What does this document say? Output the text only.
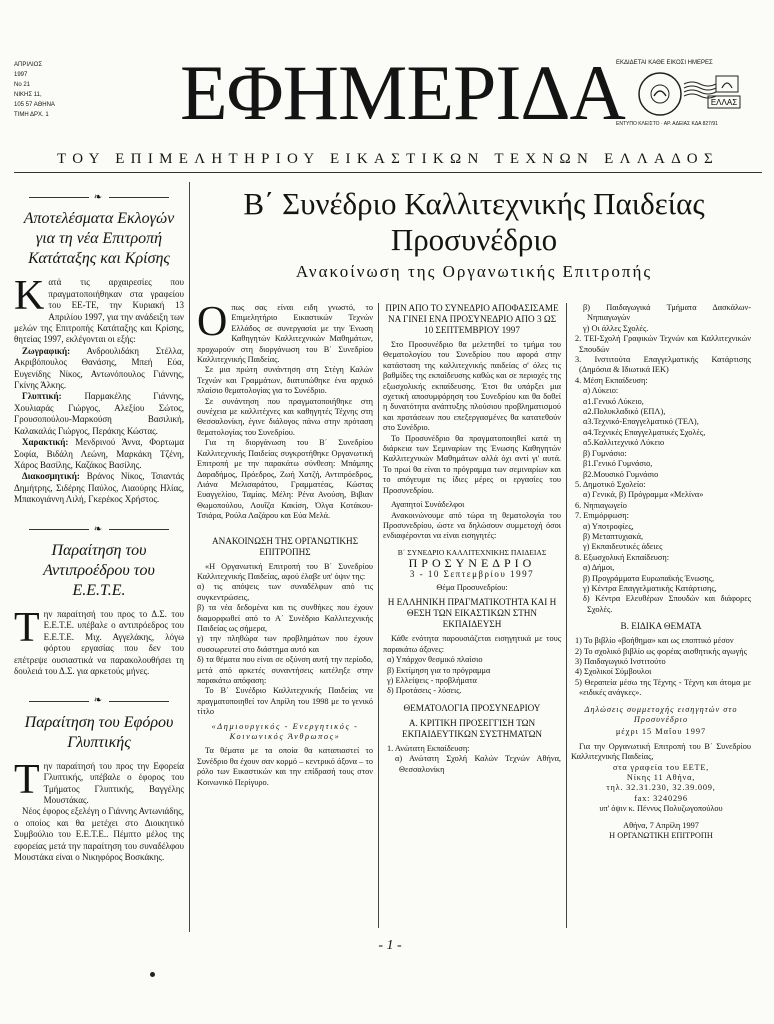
ΑΠΡΙΛΙΟΣ
1997
Νο 21
ΝΙΚΗΣ 11,
105 57 ΑΘΗΝΑ
ΤΙΜΗ ΔΡΧ. 1 ΕΦΗΜΕΡΙΔΑ
ΕΚΔΙΔΕΤΑΙ ΚΑΘΕ ΕΙΚΟΣΙ ΗΜΕΡΕΣ
ΕΛΛΑΣ
ΕΝΤΥΠΟ ΚΛΕΙΣΤΟ · ΑΡ. ΑΔΕΙΑΣ ΚΔΑ 827/91
ΤΟΥ ΕΠΙΜΕΛΗΤΗΡΙΟΥ ΕΙΚΑΣΤΙΚΩΝ ΤΕΧΝΩΝ ΕΛΛΑΔΟΣ
❧
Αποτελέσματα Εκλογών για τη νέα Επιτροπή Κατάταξης και Κρίσης
Κατά τις αρχαιρεσίες που πραγματοποιήθηκαν στα γραφείου του ΕΕ-ΤΕ, την Κυριακή 13 Απριλίου 1997, για την ανάδειξη των μελών της Επιτροπής Κατάταξης και Κρίσης, θητείας 1997, εκλέγονται οι εξής:

Ζωγραφική: Ανδρουλιδάκη Στέλλα, Ακριβόπουλος Θανάσης, Μπεή Εύα, Ευγενίδης Νίκος, Αντωνόπουλος Γιάννης, Γκίνης Άλκης.

Γλυπτική:	Παρμακέλης Γιάννης, Χουλιαράς Γιώργος, Αλεξίου Σώτος, Γρουσοπούλου-Μαρκούση Βασιλική, Καλακαλάς Γιώργος, Περάκης Κώστας.

Χαρακτική: Μενδρινού Άννα, Φορτωμα Σοφία, Βιδάλη Λεώνη, Μαρκάκη Τζένη, Χάρος Βασίλης, Καζάκος Βασίλης.

Διακοσμητική: Βράνος Νίκος, Τσιαντάς Δημήτρης, Σιδέρης Παύλος, Λιαούρης Ηλίας, Μπακογιάννη Λιλή, Γκερέκος Χρήστος.

❧
Παραίτηση του Αντιπροέδρου του Ε.Ε.Τ.Ε.
Την παραίτησή του προς το Δ.Σ. του Ε.Ε.Τ.Ε. υπέβαλε ο αντιπρόεδρος του Ε.Ε.Τ.Ε. Μιχ. Αγγελάκης, λόγω φόρτου εργασίας που δεν του επέτρεψε ουσιαστικά να παρακολουθήσει τη δουλειά του Δ.Σ. για αρκετούς μήνες.
❧
Παραίτηση του Εφόρου Γλυπτικής
Την παραίτησή του προς την Εφορεία Γλυπτικής, υπέβαλε ο έφορος του Τμήματος Γλυπτικής, Βαγγέλης Μουστάκας.

Νέος έφορος εξελέγη ο Γιάννης Αντωνιάδης, ο οποίος και θα μετέχει στο Διοικητικό Συμβούλιο του Ε.Ε.Τ.Ε.. Πέμπτο μέλος της εφορείας μετά την παραίτηση του συναδέλφου Μουστάκα είναι ο Νικηφόρος Βοσκάκης.

Β΄ Συνέδριο Καλλιτεχνικής Παιδείας
Προσυνέδριο
Ανακοίνωση της Οργανωτικής Επιτροπής

Οπως σας είναι ειδη γνωστό, το Επιμελητήριο Εικαστικών Τεχνών Ελλάδος σε συνεργασία με την Ένωση Καθηγητών Καλλιτεχνικών Μαθημάτων, προχωρούν στη διοργάνωση του Β΄ Συνεδρίου Καλλιτεχνικής Παιδείας.

Σε μια πρώτη συνάντηση στη Στέγη Καλών Τεχνών και Γραμμάτων, διατυπώθηκε ένα αρχικό πλαίσιο θεματολογίας για το Συνέδριο.

Σε συνάντηση που πραγματοποιήθηκε στη συνέχεια με καλλιτέχνες και καθηγητές Τέχνης στη Θεσσαλονίκη, έγινε διάλογος πάνω στην πρόταση θεματολογίας του Συνεδρίου.

Για τη διοργάνωση του Β΄ Συνεδρίου Καλλιτεχνικής Παιδείας συγκροτήθηκε Οργανωτική Επιτροπή με την παρακάτω σύνθεση: Μπάμπης Δαραδήμος, Πρόεδρος, Ζωή Χατζή, Αντιπρόεδρος, Λιάνα Μελισαράτου, Γραμματέας, Κώστας Ευαγγελίου, Ταμίας. Μέλη: Ρένα Ανούση, Βιβιαν Θωμοπούλου, Λουΐζα Κακίση, Όλγα Κοτάκου-Τσιάρα, Ρούλα Λαζάρου και Εύα Μελά.

ΑΝΑΚΟΙΝΩΣΗ ΤΗΣ ΟΡΓΑΝΩΤΙΚΗΣ ΕΠΙΤΡΟΠΗΣ

«Η Οργανωτική Επιτροπή του Β΄ Συνεδρίου Καλλιτεχνικής Παιδείας, αφού έλαβε υπ' όψιν της:

α) τις απόψεις των συναδέλφων από τις συγκεντρώσεις,

β) τα νέα δεδομένα και τις συνθήκες που έχουν διαμορφωθεί από το Α΄ Συνέδριο Καλλιτεχνικής Παιδείας ως σήμερα,

γ) την πληθώρα των προβλημάτων που έχουν συσσωρευτεί στο διάστημα αυτό και

δ) τα θέματα που είναι σε οξύνση αυτή την περίοδο, μετά από αρκετές συναντήσεις κατέληξε στην παρακάτω απόφαση:

Το Β΄ Συνέδριο Καλλιτεχνικής Παιδείας να πραγματοποιηθεί τον Απρίλη του 1998 με το γενικό τίτλο

«Δημιουργικός - Ενεργητικός - Κοινωνικός Άνθρωπος»

Τα θέματα με τα οποία θα καταπιαστεί το Συνέδριο θα έχουν σαν κορμό – κεντρικό άξονα – το ρόλο των Εικαστικών και την επίδρασή τους στον Κοινωνικό Περίγυρο.

ΠΡΙΝ ΑΠΟ ΤΟ ΣΥΝΕΔΡΙΟ ΑΠΟΦΑΣΙΣΑΜΕ ΝΑ ΓΙΝΕΙ ΕΝΑ ΠΡΟΣΥΝΕΔΡΙΟ ΑΠΟ 3 ΩΣ 10 ΣΕΠΤΕΜΒΡΙΟΥ 1997

Στο Προσυνέδριο θα μελετηθεί το τμήμα του Θεματολογίου του Συνεδρίου που αφορά στην κατάσταση της καλλιτεχνικής παιδείας σ' όλες τις βαθμίδες της εκπαίδευσης καθώς και σε περιοχές της εξωσχολικής εκπαίδευσης. Έτσι θα υπάρξει μια σχετική αποσυμφόρηση του Συνεδρίου και θα δοθεί η δυνατότητα ανάπτυξης πλούσιου προβληματισμού και προτάσεων που επεξεργασμένες θα κατατεθούν στο Συνέδριο.

Το Προσυνέδριο θα πραγματοποιηθεί κατά τη διάρκεια των Σεμιναρίων της Ένωσης Καθηγητών Καλλιτεχνικών Μαθημάτων αλλά όχι αντί γι' αυτά. Το πρωί θα είναι το πρόγραμμα των σεμιναρίων και το απόγευμα τις ίδιες μέρες οι εργασίες του Προσυνεδρίου.

Αγαπητοί Συνάδελφοι

Ανακοινώνουμε από τώρα τη θεματολογία του Προσυνεδρίου, ώστε να δηλώσουν συμμετοχή όσοι ενδιαφέρονται να είναι εισηγητές:

Β΄ ΣΥΝΕΔΡΙΟ ΚΑΛΛΙΤΕΧΝΙΚΗΣ ΠΑΙΔΕΙΑΣ
ΠΡΟΣΥΝΕΔΡΙΟ
3 - 10 Σεπτεμβρίου 1997
Θέμα Προσυνεδρίου:
Η ΕΛΛΗΝΙΚΗ ΠΡΑΓΜΑΤΙΚΟΤΗΤΑ ΚΑΙ Η ΘΕΣΗ ΤΩΝ ΕΙΚΑΣΤΙΚΩΝ ΣΤΗΝ ΕΚΠΑΙΔΕΥΣΗ

Κάθε ενότητα παρουσιάζεται εισηγητικά με τους παρακάτω άξονες:

α) Υπάρχον θεσμικό πλαίσιο

β) Εκτίμηση για το πρόγραμμα

γ) Ελλείψεις - προβλήματα

δ) Προτάσεις - λύσεις.

ΘΕΜΑΤΟΛΟΓΙΑ ΠΡΟΣΥΝΕΔΡΙΟΥ
Α. ΚΡΙΤΙΚΗ ΠΡΟΣΕΓΓΙΣΗ ΤΩΝ ΕΚΠΑΙΔΕΥΤΙΚΩΝ ΣΥΣΤΗΜΑΤΩΝ

1. Ανώτατη Εκπαίδευση:

α) Ανώτατη Σχολή Καλών Τεχνών Αθήνα, Θεσσαλονίκη

β) Παιδαγωγικά Τμήματα Δασκάλων-Νηπιαγωγών

γ) Οι άλλες Σχολές.

2. ΤΕΙ-Σχολή Γραφικών Τεχνών και Καλλιτεχνικών Σπουδών

3. Ινστιτούτα Επαγγελματικής Κατάρτισης (Δημόσια & Ιδιωτικά ΙΕΚ)

4. Μέση Εκπαίδευση:

α) Λύκειο:

α1.Γενικό Λύκειο,

α2.Πολυκλαδικό (ΕΠΛ),

α3.Τεχνικό-Επαγγελματικό (ΤΕΛ),

α4.Τεχνικές Επαγγελματικές Σχολές,

α5.Καλλιτεχνικό Λύκειο

β) Γυμνάσιο:

β1.Γενικό Γυμνάσιο,

β2.Μουσικό Γυμνάσιο

5. Δημοτικό Σχολείο:

α) Γενικά, β) Πρόγραμμα «Μελίνα»

6. Νηπιαγωγείο

7. Επιμόρφωση:

α) Υποτροφίες,

β) Μεταπτυχιακά,

γ) Εκπαιδευτικές άδειες

8. Εξωσχολική Εκπαίδευση:

α) Δήμοι,

β) Προγράμματα Ευρωπαϊκής Ένωσης,

γ) Κέντρα Επαγγελματικής Κατάρτισης,

δ) Κέντρα Ελευθέρων Σπουδών και διάφορες Σχολές.

Β. ΕΙΔΙΚΑ ΘΕΜΑΤΑ

1) Το βιβλίο «βοήθημα» και ως εποπτικό μέσον

2) Το σχολικό βιβλίο ως φορέας αισθητικής αγωγής

3) Παιδαγωγικό Ινστιτούτο

4) Σχολικοί Σύμβουλοι

5) Θεραπεία μέσω της Τέχνης - Τέχνη και άτομα με «ειδικές ανάγκες».

Δηλώσεις συμμετοχής εισηγητών στο Προσυνέδριο
μέχρι 15 Μαΐου 1997

Για την Οργανωτική Επιτροπή του Β΄ Συνεδρίου Καλλιτεχνικής Παιδείας,

στα γραφεία του ΕΕΤΕ,
Νίκης 11 Αθήνα,
τηλ. 32.31.230, 32.39.009,
fax: 3240296
υπ' όψιν κ. Πέννυς Πολυζωγοπούλου
Αθήνα, 7 Απρίλη 1997
Η ΟΡΓΑΝΩΤΙΚΗ ΕΠΙΤΡΟΠΗ
- 1 -
